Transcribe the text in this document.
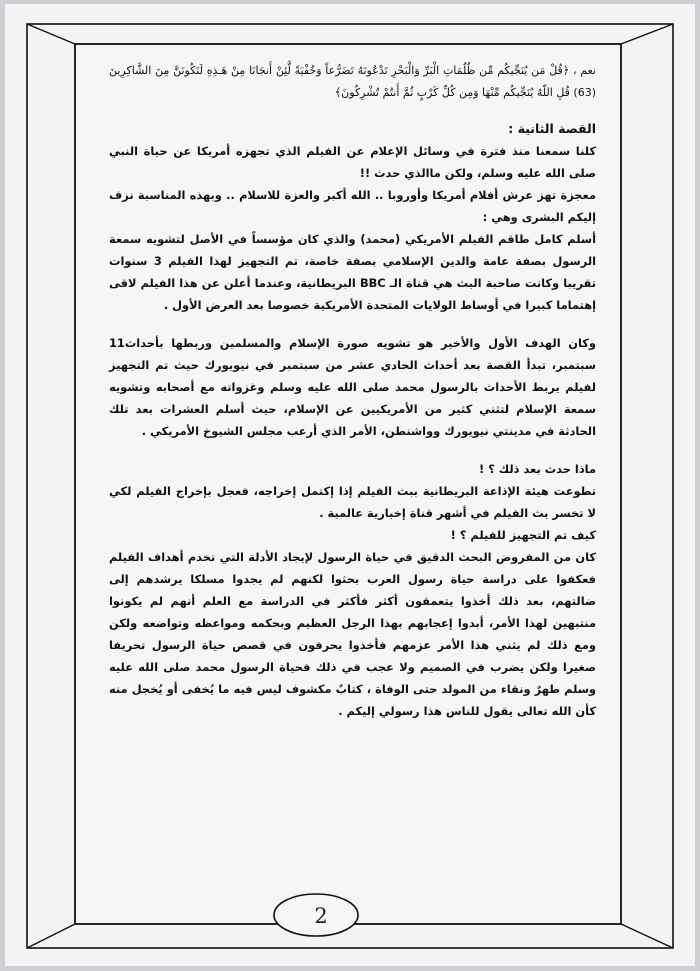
نعم ، ﴿قُلْ مَن يُنَجِّيكُم مِّن ظُلُمَاتِ الْبَرِّ وَالْبَحْرِ تَدْعُونَهُ تَضَرُّعاً وَخُفْيَةً لَّئِنْ أَنجَانَا مِنْ هَـذِهِ لَنَكُونَنَّ مِنَ الشَّاكِرِينَ (63) قُلِ اللّهُ يُنَجِّيكُم مِّنْهَا وَمِن كُلِّ كَرْبٍ ثُمَّ أَنتُمْ تُشْرِكُونَ﴾

القصة الثانية :

كلنا سمعنا منذ فترة في وسائل الإعلام عن الفيلم الذي تجهزه أمريكا عن حياة النبي صلى الله عليه وسلم، ولكن ماالذي حدث !!

معجزة تهز عرش أفلام أمريكا وأوروبا .. الله أكبر والعزة للاسلام .. وبهذه المناسبة نزف إليكم البشرى وهي :

أسلم كامل طاقم الفيلم الأمريكي (محمد) والذي كان مؤسساً في الأصل لتشويه سمعة الرسول بصفة عامة والدين الإسلامي بصفة خاصة، تم التجهيز لهذا الفيلم 3 سنوات تقريبا وكانت صاحبة البث هي قناة الـ BBC البريطانية، وعندما أعلن عن هذا الفيلم لاقى إهتماما كبيرا في أوساط الولايات المتحدة الأمريكية خصوصا بعد العرض الأول .

وكان الهدف الأول والأخير هو تشويه صورة الإسلام والمسلمين وربطها بأحداث11 سبتمبر، تبدأ القصة بعد أحداث الحادي عشر من سبتمبر في نيويورك حيث تم التجهيز لفيلم يربط الأحداث بالرسول محمد صلى الله عليه وسلم وغزواته مع أصحابه وتشويه سمعة الإسلام لتثني كثير من الأمريكيين عن الإسلام، حيث أسلم العشرات بعد تلك الحادثة في مدينتي نيويورك وواشنطن، الأمر الذي أرعب مجلس الشيوخ الأمريكي .

ماذا حدث بعد ذلك ؟ !

تطوعت هيئة الإذاعة البريطانية ببث الفيلم إذا إكتمل إخراجه، فعجل بإخراج الفيلم لكي لا تخسر بث الفيلم في أشهر قناة إخبارية عالمية .

كيف تم التجهيز للفيلم ؟ !

كان من المفروض البحث الدقيق في حياة الرسول لإيجاد الأدلة التي تخدم أهداف الفيلم فعكفوا على دراسة حياة رسول العرب بحثوا لكنهم لم يجدوا مسلكا يرشدهم إلى ضالتهم، بعد ذلك أخذوا يتعمقون أكثر فأكثر في الدراسة مع العلم أنهم لم يكونوا منتبهين لهذا الأمر، أبدوا إعجابهم بهذا الرجل العظيم وبحكمه ومواعظه وتواضعه ولكن ومع ذلك لم يثني هذا الأمر عزمهم فأخذوا يحرفون في قصص حياة الرسول تحريفا صغيرا ولكن يضرب في الصميم ولا عجب في ذلك فحياة الرسول محمد صلى الله عليه وسلم طهرٌ ونقاء من المولد حتى الوفاة ، كتابٌ مكشوف ليس فيه ما يُخفى أو يُخجل منه كأن الله تعالى يقول للناس هذا رسولي إليكم .

2
